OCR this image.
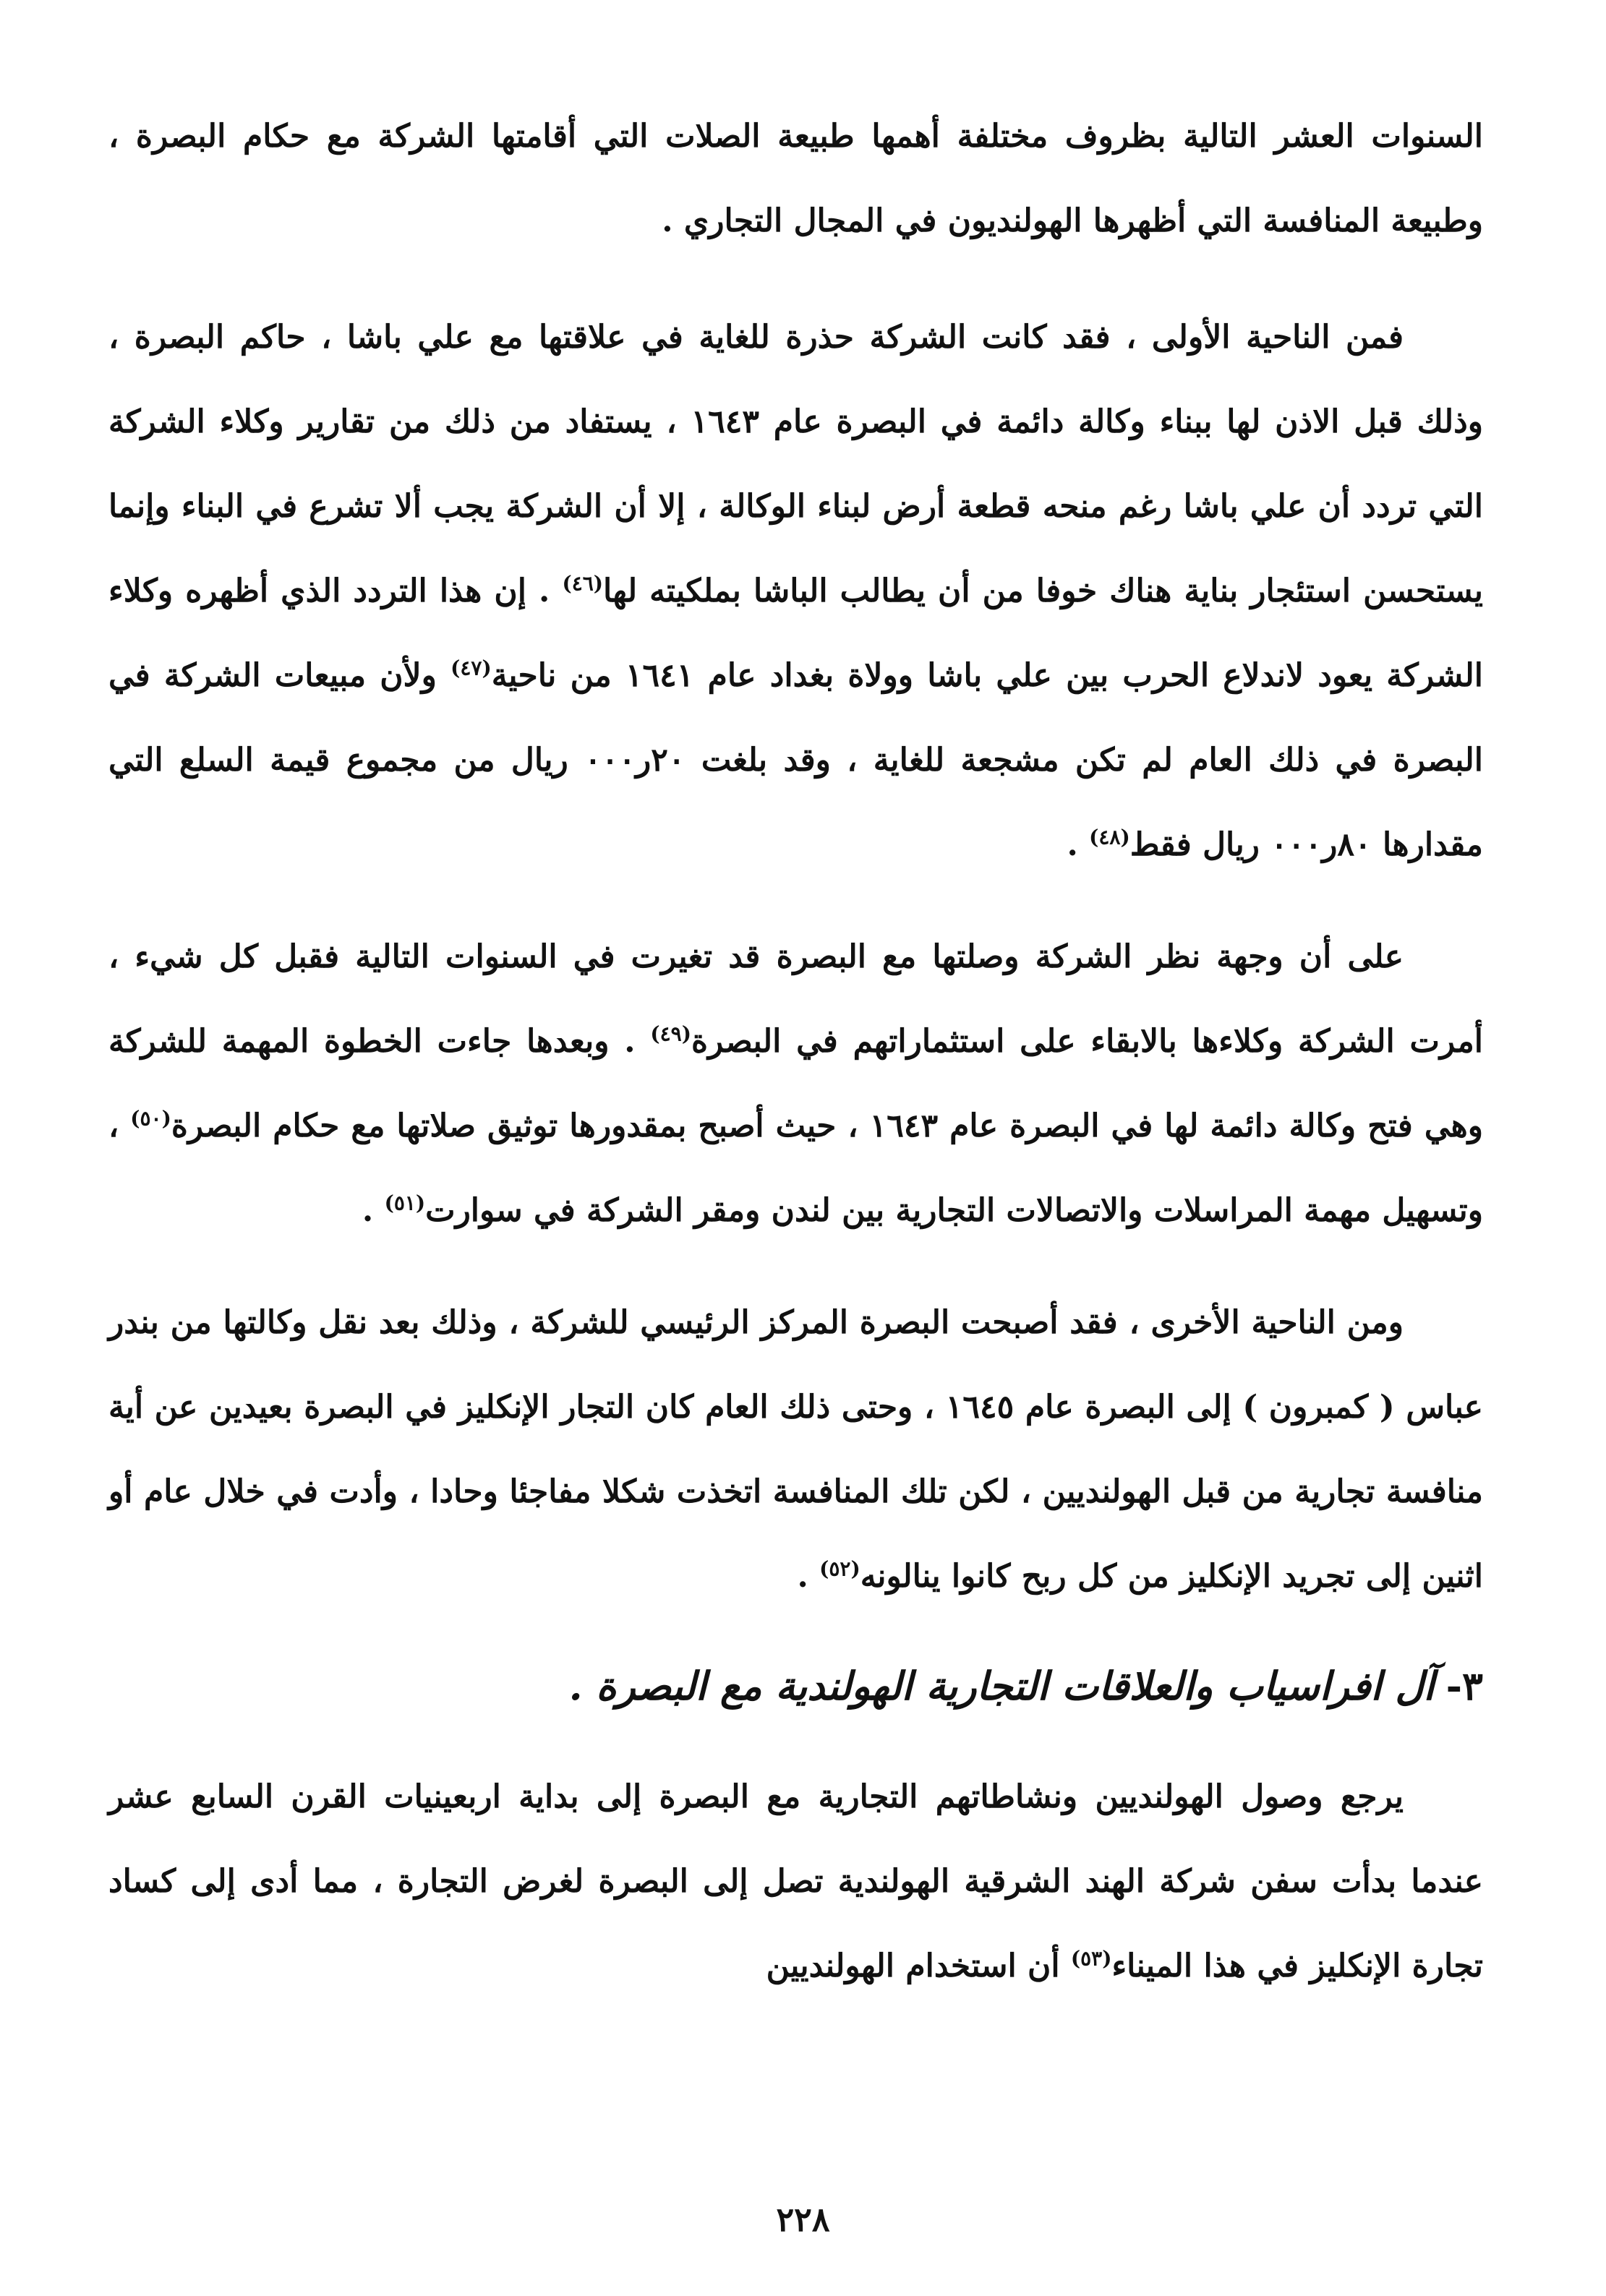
السنوات العشر التالية بظروف مختلفة أهمها طبيعة الصلات التي أقامتها الشركة مع حكام البصرة ، وطبيعة المنافسة التي أظهرها الهولنديون في المجال التجاري .

فمن الناحية الأولى ، فقد كانت الشركة حذرة للغاية في علاقتها مع علي باشا ، حاكم البصرة ، وذلك قبل الاذن لها ببناء وكالة دائمة في البصرة عام ١٦٤٣ ، يستفاد من ذلك من تقارير وكلاء الشركة التي تردد أن علي باشا رغم منحه قطعة أرض لبناء الوكالة ، إلا أن الشركة يجب ألا تشرع في البناء وإنما يستحسن استئجار بناية هناك خوفا من أن يطالب الباشا بملكيته لها$^{(٤٦)}$ . إن هذا التردد الذي أظهره وكلاء الشركة يعود لاندلاع الحرب بين علي باشا وولاة بغداد عام ١٦٤١ من ناحية$^{(٤٧)}$ ولأن مبيعات الشركة في البصرة في ذلك العام لم تكن مشجعة للغاية ، وقد بلغت ٢٠ر٠٠٠ ريال من مجموع قيمة السلع التي مقدارها ٨٠ر٠٠٠ ريال فقط$^{(٤٨)}$ .

على أن وجهة نظر الشركة وصلتها مع البصرة قد تغيرت في السنوات التالية فقبل كل شيء ، أمرت الشركة وكلاءها بالابقاء على استثماراتهم في البصرة$^{(٤٩)}$ . وبعدها جاءت الخطوة المهمة للشركة وهي فتح وكالة دائمة لها في البصرة عام ١٦٤٣ ، حيث أصبح بمقدورها توثيق صلاتها مع حكام البصرة$^{(٥٠)}$ ، وتسهيل مهمة المراسلات والاتصالات التجارية بين لندن ومقر الشركة في سوارت$^{(٥١)}$ .

ومن الناحية الأخرى ، فقد أصبحت البصرة المركز الرئيسي للشركة ، وذلك بعد نقل وكالتها من بندر عباس ( كمبرون ) إلى البصرة عام ١٦٤٥ ، وحتى ذلك العام كان التجار الإنكليز في البصرة بعيدين عن أية منافسة تجارية من قبل الهولنديين ، لكن تلك المنافسة اتخذت شكلا مفاجئا وحادا ، وأدت في خلال عام أو اثنين إلى تجريد الإنكليز من كل ربح كانوا ينالونه$^{(٥٢)}$ .

٣-آل افراسياب والعلاقات التجارية الهولندية مع البصرة .

يرجع وصول الهولنديين ونشاطاتهم التجارية مع البصرة إلى بداية اربعينيات القرن السابع عشر عندما بدأت سفن شركة الهند الشرقية الهولندية تصل إلى البصرة لغرض التجارة ، مما أدى إلى كساد تجارة الإنكليز في هذا الميناء$^{(٥٣)}$ أن استخدام الهولنديين

٢٢٨
